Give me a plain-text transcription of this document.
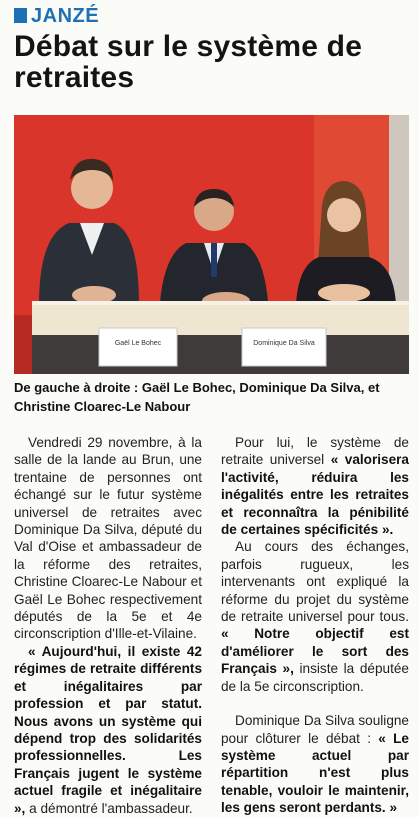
JANZÉ
Débat sur le système de retraites
Gaël Le Bohec	Dominique Da Silva
De gauche à droite : Gaël Le Bohec, Dominique Da Silva, et Christine Cloarec-Le Nabour

Vendredi 29 novembre, à la salle de la lande au Brun, une trentaine de personnes ont échangé sur le futur système universel de retraites avec Dominique Da Silva, député du Val d'Oise et ambassadeur de la réforme des retraites, Christine Cloarec-Le Nabour et Gaël Le Bohec respectivement députés de la 5e et 4e circonscription d'Ille-et-Vilaine.

« Aujourd'hui, il existe 42 régimes de retraite différents et inégalitaires par profession et par statut. Nous avons un système qui dépend trop des solidarités professionnelles. Les Français jugent le système actuel fragile et inégalitaire », a démontré l'ambassadeur.

Pour lui, le système de retraite universel « valorisera l'activité, réduira les inégalités entre les retraites et reconnaîtra la pénibilité de certaines spécificités ».

Au cours des échanges, parfois rugueux, les intervenants ont expliqué la réforme du projet du système de retraite universel pour tous. « Notre objectif est d'améliorer le sort des Français », insiste la députée de la 5e circonscription.

Dominique Da Silva souligne pour clôturer le débat : « Le système actuel par répartition n'est plus tenable, vouloir le maintenir, les gens seront perdants. »
